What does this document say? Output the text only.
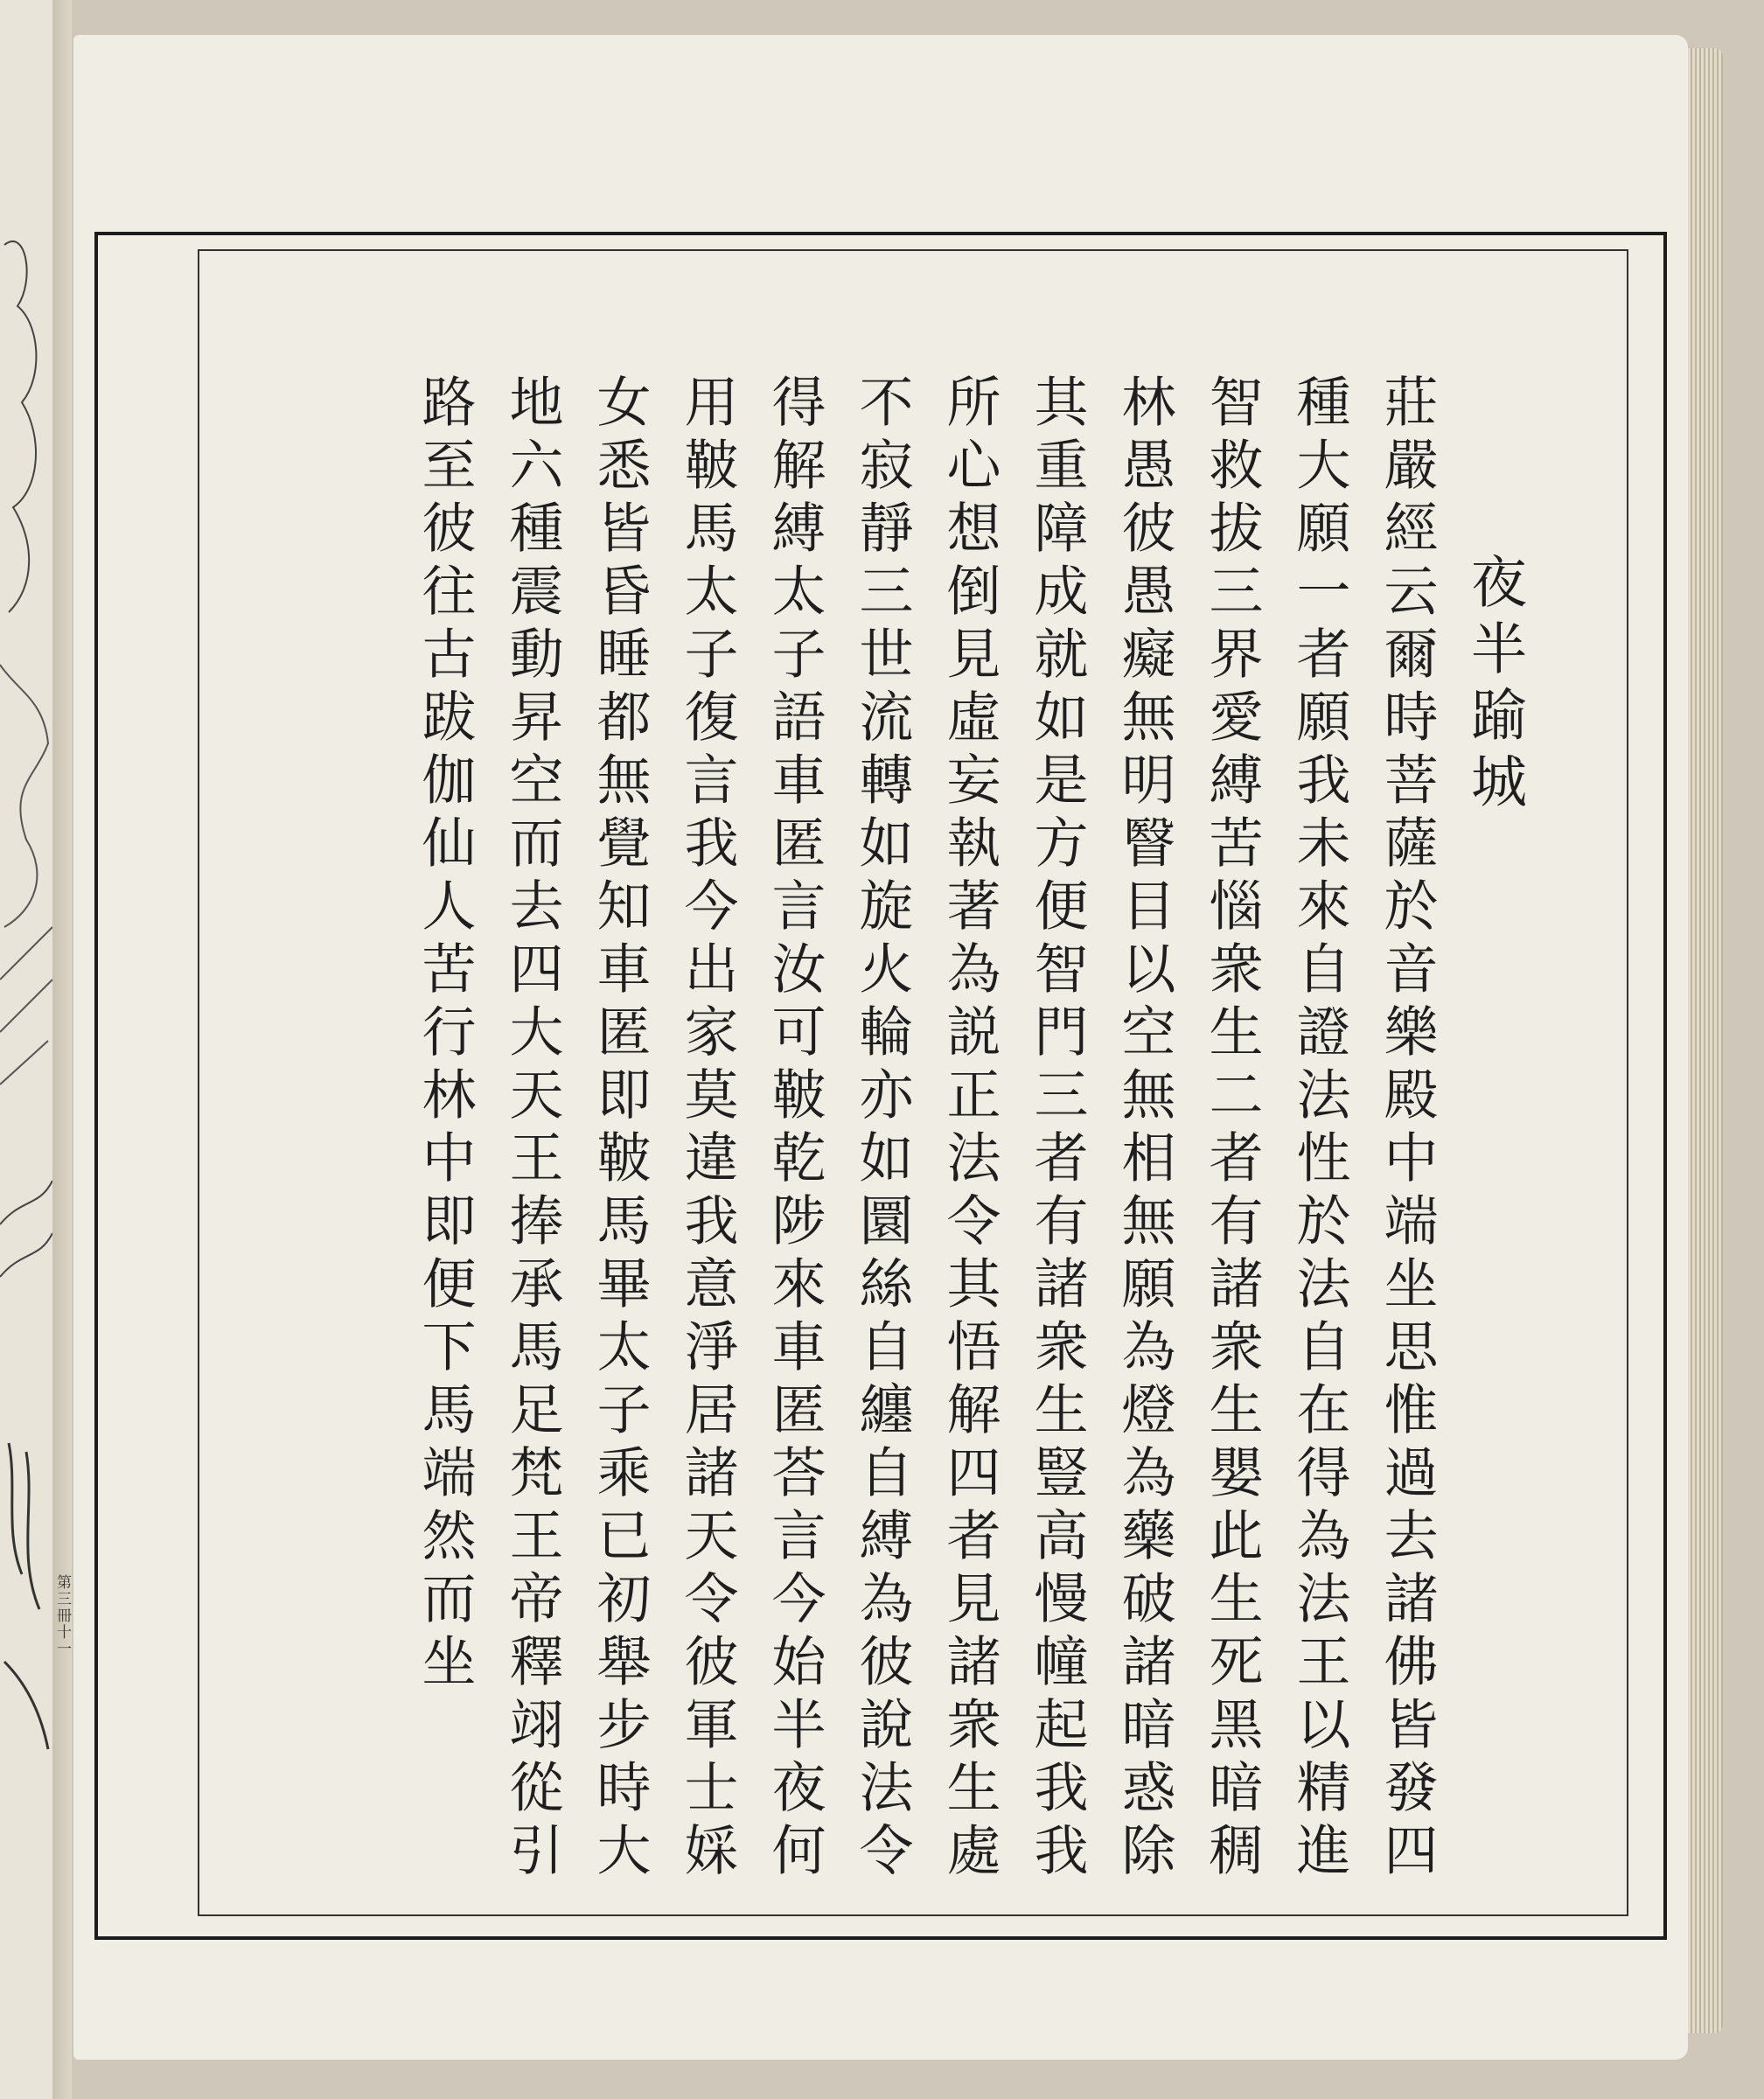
第三冊十一
夜半踰城
莊嚴經云爾時菩薩於音樂殿中端坐思惟過去諸佛皆發四
種大願一者願我未來自證法性於法自在得為法王以精進
智救拔三界愛縛苦惱衆生二者有諸衆生嬰此生死黑暗稠
林愚彼愚癡無明瞖目以空無相無願為燈為藥破諸暗惑除
其重障成就如是方便智門三者有諸衆生豎高慢幢起我我
所心想倒見虛妄執著為説正法令其悟解四者見諸衆生處
不寂靜三世流轉如旋火輪亦如圜絲自纏自縛為彼說法令
得解縛太子語車匿言汝可鞁乾陟來車匿荅言今始半夜何
用鞁馬太子復言我今出家莫違我意淨居諸天令彼軍士婇
女悉皆昏睡都無覺知車匿即鞁馬畢太子乘已初舉步時大
地六種震動昇空而去四大天王捧承馬足梵王帝釋翊從引
路至彼往古跋伽仙人苦行林中即便下馬端然而坐
